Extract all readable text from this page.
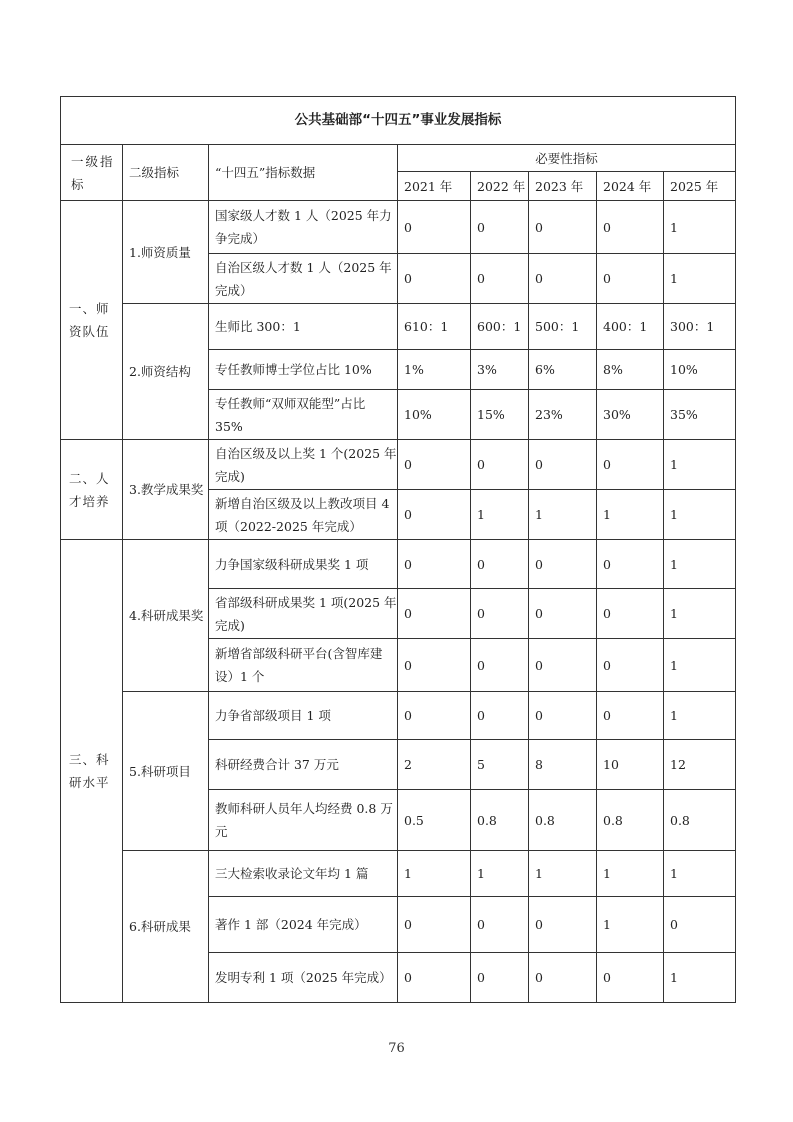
公共基础部“十四五”事业发展指标							
一级指标	二级指标	“十四五”指标数据	必要性指标				
			2021 年	2022 年	2023 年	2024 年	2025 年
一、师资队伍	1.师资质量	国家级人才数 1 人（2025 年力争完成）	0	0	0	0	1
		自治区级人才数 1 人（2025 年完成）	0	0	0	0	1
	2.师资结构	生师比 300：1	610：1	600：1	500：1	400：1	300：1
		专任教师博士学位占比 10%	1%	3%	6%	8%	10%
		专任教师“双师双能型”占比 35%	10%	15%	23%	30%	35%
二、人才培养	3.教学成果奖	自治区级及以上奖 1 个(2025 年完成)	0	0	0	0	1
		新增自治区级及以上教改项目 4 项（2022-2025 年完成）	0	1	1	1	1
三、科研水平	4.科研成果奖	力争国家级科研成果奖 1 项	0	0	0	0	1
		省部级科研成果奖 1 项(2025 年完成)	0	0	0	0	1
		新增省部级科研平台(含智库建设）1 个	0	0	0	0	1
	5.科研项目	力争省部级项目 1 项	0	0	0	0	1
		科研经费合计 37 万元	2	5	8	10	12
		教师科研人员年人均经费 0.8 万元	0.5	0.8	0.8	0.8	0.8
	6.科研成果	三大检索收录论文年均 1 篇	1	1	1	1	1
		著作 1 部（2024 年完成）	0	0	0	1	0
		发明专利 1 项（2025 年完成）	0	0	0	0	1
76
